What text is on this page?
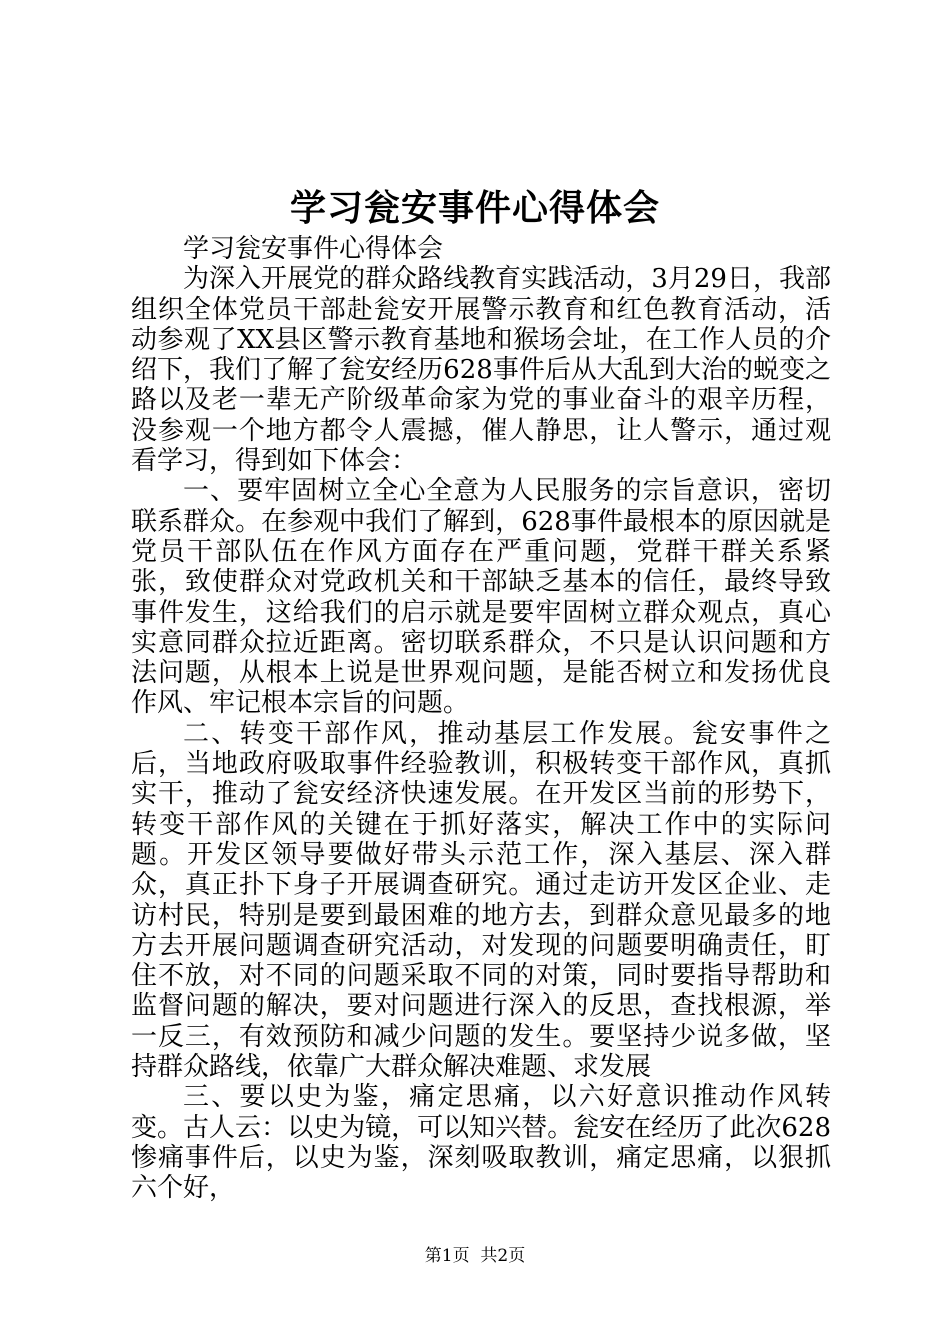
学习瓮安事件心得体会

学习瓮安事件心得体会

为深入开展党的群众路线教育实践活动，3月29日，我部组织全体党员干部赴瓮安开展警示教育和红色教育活动，活动参观了XX县区警示教育基地和猴场会址，在工作人员的介绍下，我们了解了瓮安经历628事件后从大乱到大治的蜕变之路以及老一辈无产阶级革命家为党的事业奋斗的艰辛历程，没参观一个地方都令人震撼，催人静思，让人警示，通过观看学习，得到如下体会：

一、要牢固树立全心全意为人民服务的宗旨意识，密切联系群众。在参观中我们了解到，628事件最根本的原因就是党员干部队伍在作风方面存在严重问题，党群干群关系紧张，致使群众对党政机关和干部缺乏基本的信任，最终导致事件发生，这给我们的启示就是要牢固树立群众观点，真心实意同群众拉近距离。密切联系群众，不只是认识问题和方法问题，从根本上说是世界观问题，是能否树立和发扬优良作风、牢记根本宗旨的问题。

二、转变干部作风，推动基层工作发展。瓮安事件之后，当地政府吸取事件经验教训，积极转变干部作风，真抓实干，推动了瓮安经济快速发展。在开发区当前的形势下，转变干部作风的关键在于抓好落实，解决工作中的实际问题。开发区领导要做好带头示范工作，深入基层、深入群众，真正扑下身子开展调查研究。通过走访开发区企业、走访村民，特别是要到最困难的地方去，到群众意见最多的地方去开展问题调查研究活动，对发现的问题要明确责任，盯住不放，对不同的问题采取不同的对策，同时要指导帮助和监督问题的解决，要对问题进行深入的反思，查找根源，举一反三，有效预防和减少问题的发生。要坚持少说多做，坚持群众路线，依靠广大群众解决难题、求发展

三、要以史为鉴，痛定思痛，以六好意识推动作风转变。古人云：以史为镜，可以知兴替。瓮安在经历了此次628惨痛事件后，以史为鉴，深刻吸取教训，痛定思痛，以狠抓六个好，

第1页 共2页
